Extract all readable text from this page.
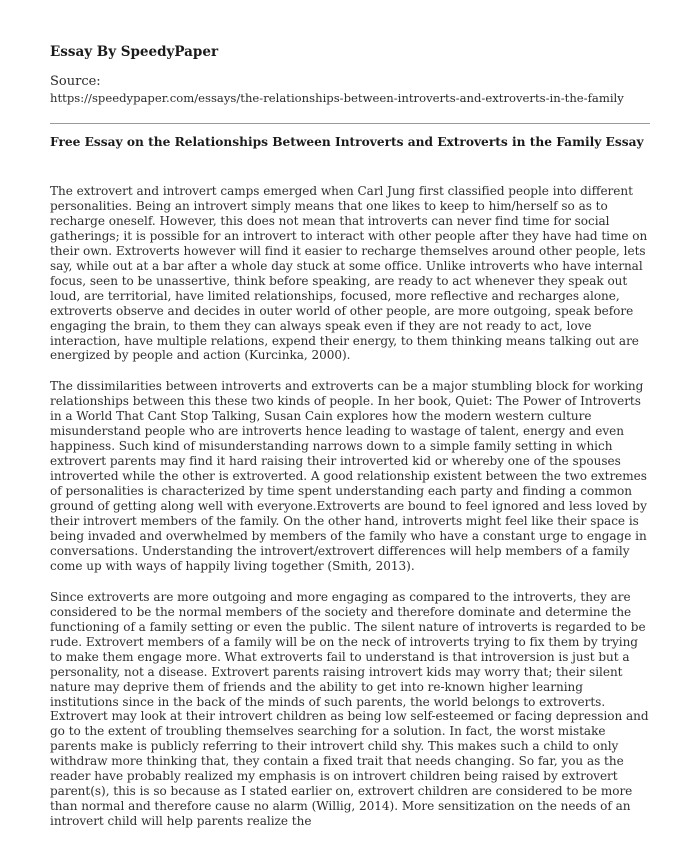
Essay By SpeedyPaper
Source:
https://speedypaper.com/essays/the-relationships-between-introverts-and-extroverts-in-the-family
Free Essay on the Relationships Between Introverts and Extroverts in the Family Essay

The extrovert and introvert camps emerged when Carl Jung first classified people into different personalities. Being an introvert simply means that one likes to keep to him/herself so as to recharge oneself. However, this does not mean that introverts can never find time for social gatherings; it is possible for an introvert to interact with other people after they have had time on their own. Extroverts however will find it easier to recharge themselves around other people, lets say, while out at a bar after a whole day stuck at some office. Unlike introverts who have internal focus, seen to be unassertive, think before speaking, are ready to act whenever they speak out loud, are territorial, have limited relationships, focused, more reflective and recharges alone, extroverts observe and decides in outer world of other people, are more outgoing, speak before engaging the brain, to them they can always speak even if they are not ready to act, love interaction, have multiple relations, expend their energy, to them thinking means talking out are energized by people and action (Kurcinka, 2000).

The dissimilarities between introverts and extroverts can be a major stumbling block for working relationships between this these two kinds of people. In her book, Quiet: The Power of Introverts in a World That Cant Stop Talking, Susan Cain explores how the modern western culture misunderstand people who are introverts hence leading to wastage of talent, energy and even happiness. Such kind of misunderstanding narrows down to a simple family setting in which extrovert parents may find it hard raising their introverted kid or whereby one of the spouses introverted while the other is extroverted. A good relationship existent between the two extremes of personalities is characterized by time spent understanding each party and finding a common ground of getting along well with everyone.Extroverts are bound to feel ignored and less loved by their introvert members of the family. On the other hand, introverts might feel like their space is being invaded and overwhelmed by members of the family who have a constant urge to engage in conversations. Understanding the introvert/extrovert differences will help members of a family come up with ways of happily living together (Smith, 2013).

Since extroverts are more outgoing and more engaging as compared to the introverts, they are considered to be the normal members of the society and therefore dominate and determine the functioning of a family setting or even the public. The silent nature of introverts is regarded to be rude. Extrovert members of a family will be on the neck of introverts trying to fix them by trying to make them engage more. What extroverts fail to understand is that introversion is just but a personality, not a disease. Extrovert parents raising introvert kids may worry that; their silent nature may deprive them of friends and the ability to get into re-known higher learning institutions since in the back of the minds of such parents, the world belongs to extroverts. Extrovert may look at their introvert children as being low self-esteemed or facing depression and go to the extent of troubling themselves searching for a solution. In fact, the worst mistake parents make is publicly referring to their introvert child shy. This makes such a child to only withdraw more thinking that, they contain a fixed trait that needs changing. So far, you as the reader have probably realized my emphasis is on introvert children being raised by extrovert parent(s), this is so because as I stated earlier on, extrovert children are considered to be more than normal and therefore cause no alarm (Willig, 2014). More sensitization on the needs of an introvert child will help parents realize the
